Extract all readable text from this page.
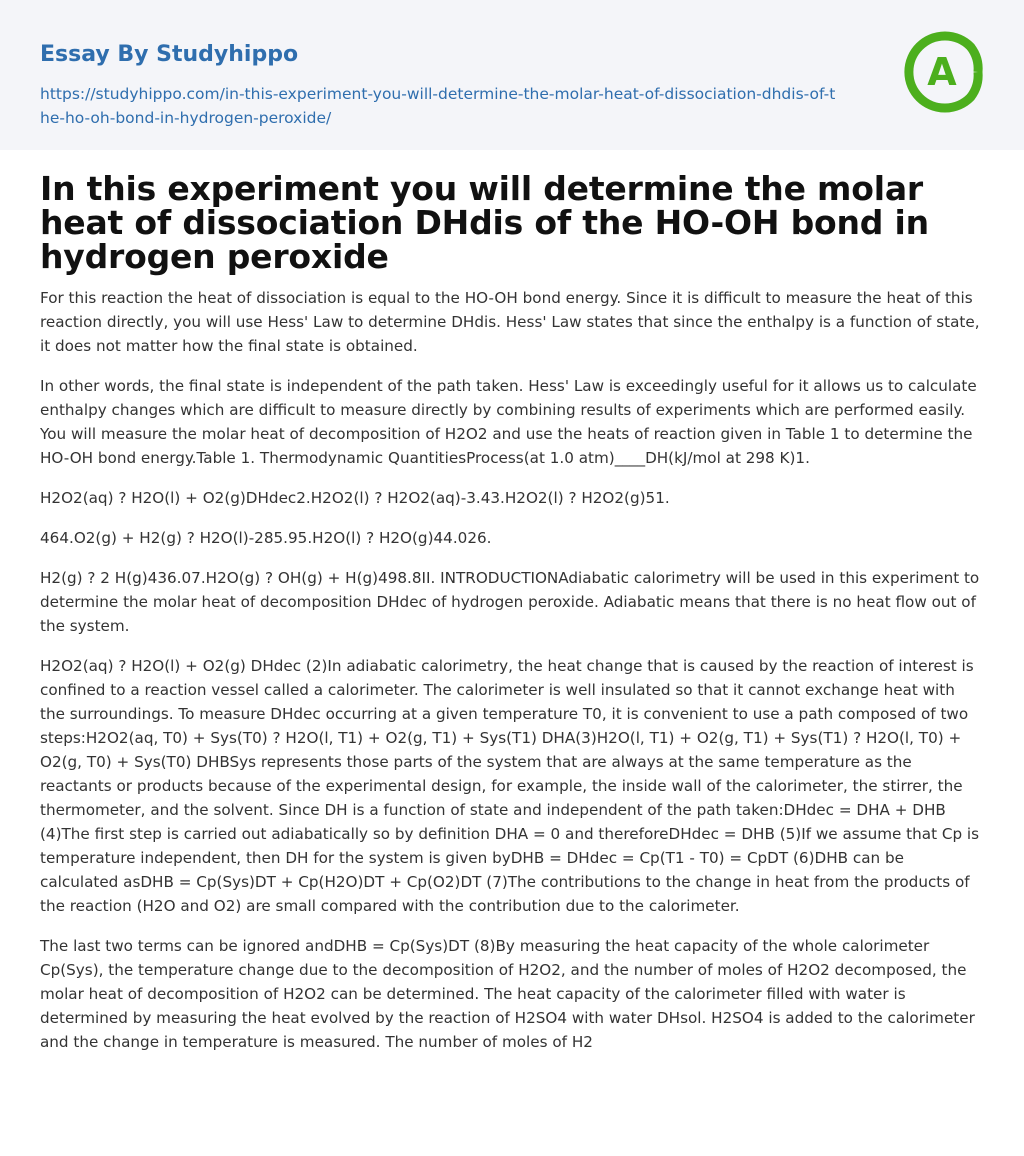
Essay By Studyhippo
https://studyhippo.com/in-this-experiment-you-will-determine-the-molar-heat-of-dissociation-dhdis-of-the-ho-oh-bond-in-hydrogen-peroxide/
A
In this experiment you will determine the molar heat of dissociation DHdis of the HO-OH bond in hydrogen peroxide

For this reaction the heat of dissociation is equal to the HO-OH bond energy. Since it is difficult to measure the heat of this reaction directly, you will use Hess' Law to determine DHdis. Hess' Law states that since the enthalpy is a function of state, it does not matter how the final state is obtained.

In other words, the final state is independent of the path taken. Hess' Law is exceedingly useful for it allows us to calculate enthalpy changes which are difficult to measure directly by combining results of experiments which are performed easily. You will measure the molar heat of decomposition of H2O2 and use the heats of reaction given in Table 1 to determine the HO-OH bond energy.Table 1. Thermodynamic QuantitiesProcess(at 1.0 atm)____DH(kJ/mol at 298 K)1.

H2O2(aq) ? H2O(l) + O2(g)DHdec2.H2O2(l) ? H2O2(aq)-3.43.H2O2(l) ? H2O2(g)51.

464.O2(g) + H2(g) ? H2O(l)-285.95.H2O(l) ? H2O(g)44.026.

H2(g) ? 2 H(g)436.07.H2O(g) ? OH(g) + H(g)498.8II. INTRODUCTIONAdiabatic calorimetry will be used in this experiment to determine the molar heat of decomposition DHdec of hydrogen peroxide. Adiabatic means that there is no heat flow out of the system.

H2O2(aq) ? H2O(l) + O2(g) DHdec (2)In adiabatic calorimetry, the heat change that is caused by the reaction of interest is confined to a reaction vessel called a calorimeter. The calorimeter is well insulated so that it cannot exchange heat with the surroundings. To measure DHdec occurring at a given temperature T0, it is convenient to use a path composed of two steps:H2O2(aq, T0) + Sys(T0) ? H2O(l, T1) + O2(g, T1) + Sys(T1) DHA(3)H2O(l, T1) + O2(g, T1) + Sys(T1) ? H2O(l, T0) + O2(g, T0) + Sys(T0) DHBSys represents those parts of the system that are always at the same temperature as the reactants or products because of the experimental design, for example, the inside wall of the calorimeter, the stirrer, the thermometer, and the solvent. Since DH is a function of state and independent of the path taken:DHdec = DHA + DHB (4)The first step is carried out adiabatically so by definition DHA = 0 and thereforeDHdec = DHB (5)If we assume that Cp is temperature independent, then DH for the system is given byDHB = DHdec = Cp(T1 - T0) = CpDT (6)DHB can be calculated asDHB = Cp(Sys)DT + Cp(H2O)DT + Cp(O2)DT (7)The contributions to the change in heat from the products of the reaction (H2O and O2) are small compared with the contribution due to the calorimeter.

The last two terms can be ignored andDHB = Cp(Sys)DT (8)By measuring the heat capacity of the whole calorimeter Cp(Sys), the temperature change due to the decomposition of H2O2, and the number of moles of H2O2 decomposed, the molar heat of decomposition of H2O2 can be determined. The heat capacity of the calorimeter filled with water is determined by measuring the heat evolved by the reaction of H2SO4 with water DHsol. H2SO4 is added to the calorimeter and the change in temperature is measured. The number of moles of H2
